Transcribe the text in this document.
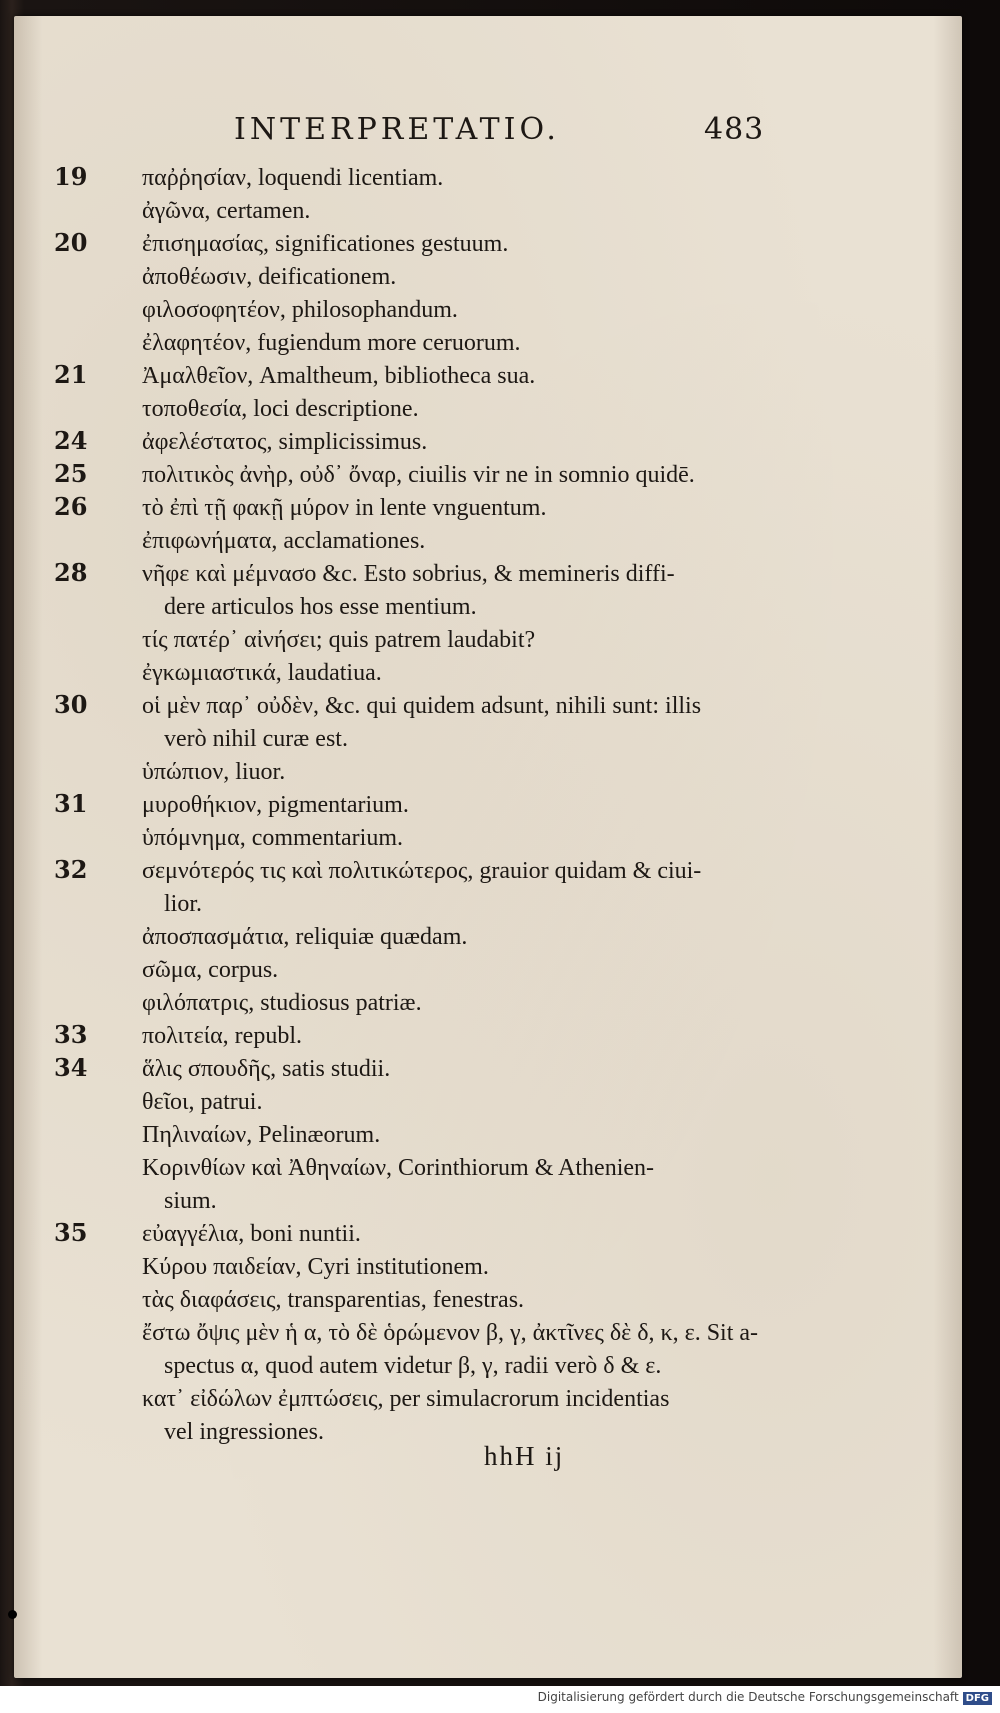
INTERPRETATIO.	483
19	παῤῥησίαν, loquendi licentiam.
ἀγῶνα, certamen.
20	ἐπισημασίας, significationes gestuum.
ἀποθέωσιν, deificationem.
φιλοσοφητέον, philosophandum.
ἐλαφητέον, fugiendum more ceruorum.
21	Ἀμαλθεῖον, Amaltheum, bibliotheca sua.
τοποθεσία, loci descriptione.
24	ἀφελέστατος, simplicissimus.
25	πολιτικὸς ἀνὴρ, οὐδ᾽ ὄναρ, ciuilis vir ne in somnio quidē.
26	τὸ ἐπὶ τῇ φακῇ μύρον in lente vnguentum.
ἐπιφωνήματα, acclamationes.
28	νῆφε καὶ μέμνασο &c. Esto sobrius, & memineris diffi-
dere articulos hos esse mentium.
τίς πατέρ᾽ αἰνήσει; quis patrem laudabit?
ἐγκωμιαστικά, laudatiua.
30	οἱ μὲν παρ᾽ οὐδὲν, &c. qui quidem adsunt, nihili sunt: illis
verò nihil curæ est.
ὑπώπιον, liuor.
31	μυροθήκιον, pigmentarium.
ὑπόμνημα, commentarium.
32	σεμνότερός τις καὶ πολιτικώτερος, grauior quidam & ciui-
lior.
ἀποσπασμάτια, reliquiæ quædam.
σῶμα, corpus.
φιλόπατρις, studiosus patriæ.
33	πολιτεία, republ.
34	ἅλις σπουδῆς, satis studii.
θεῖοι, patrui.
Πηλιναίων, Pelinæorum.
Κορινθίων καὶ Ἀθηναίων, Corinthiorum & Athenien-
sium.
35	εὐαγγέλια, boni nuntii.
Κύρου παιδείαν, Cyri institutionem.
τὰς διαφάσεις, transparentias, fenestras.
ἔστω ὄψις μὲν ἡ α, τὸ δὲ ὁρώμενον β, γ, ἀκτῖνες δὲ δ, κ, ε. Sit a-
spectus α, quod autem videtur β, γ, radii verò δ & ε.
κατ᾽ εἰδώλων ἐμπτώσεις, per simulacrorum incidentias
vel ingressiones.
hhH ij
Digitalisierung gefördert durch die Deutsche Forschungsgemeinschaft DFG
